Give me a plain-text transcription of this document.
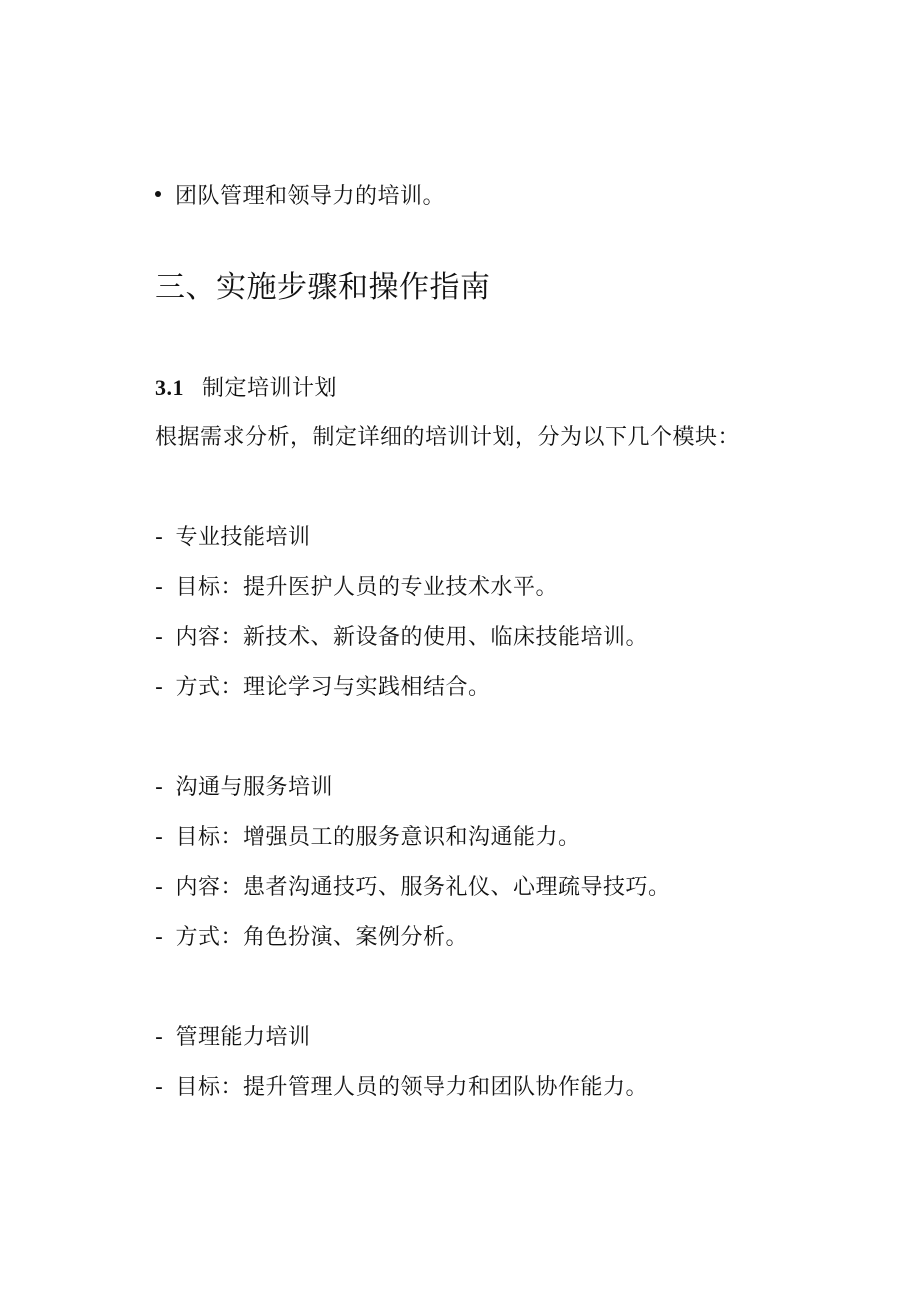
团队管理和领导力的培训。
三、实施步骤和操作指南
3.1 制定培训计划
根据需求分析，制定详细的培训计划，分为以下几个模块：
- 专业技能培训
- 目标：提升医护人员的专业技术水平。
- 内容：新技术、新设备的使用、临床技能培训。
- 方式：理论学习与实践相结合。
- 沟通与服务培训
- 目标：增强员工的服务意识和沟通能力。
- 内容：患者沟通技巧、服务礼仪、心理疏导技巧。
- 方式：角色扮演、案例分析。
- 管理能力培训
- 目标：提升管理人员的领导力和团队协作能力。
